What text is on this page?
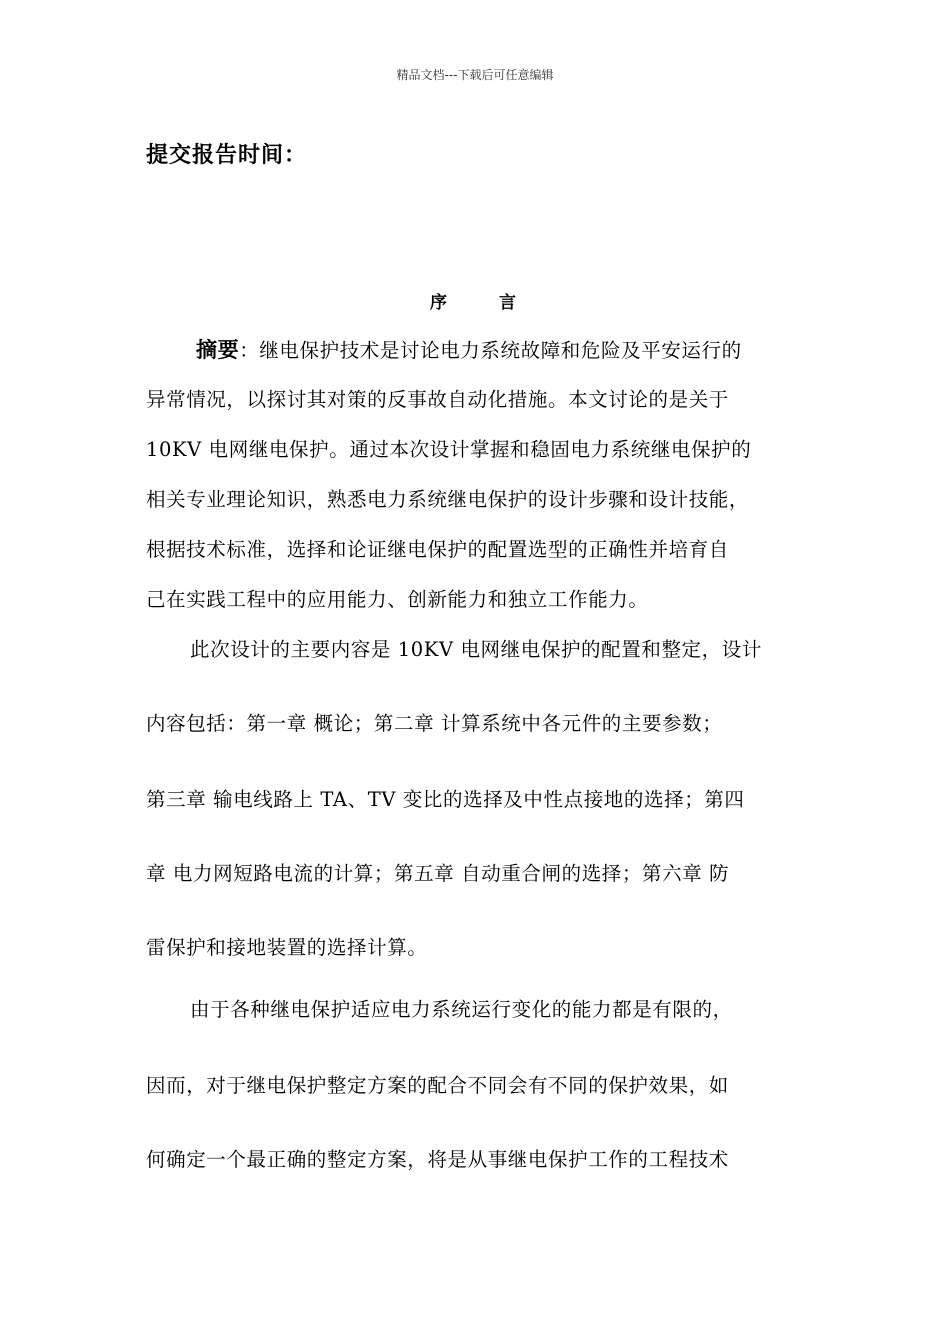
精品文档---下载后可任意编辑
提交报告时间：
序	言
摘要：继电保护技术是讨论电力系统故障和危险及平安运行的
异常情况，以探讨其对策的反事故自动化措施。本文讨论的是关于
10KV 电网继电保护。通过本次设计掌握和稳固电力系统继电保护的
相关专业理论知识，熟悉电力系统继电保护的设计步骤和设计技能，
根据技术标准，选择和论证继电保护的配置选型的正确性并培育自
己在实践工程中的应用能力、创新能力和独立工作能力。
此次设计的主要内容是 10KV 电网继电保护的配置和整定，设计
内容包括：第一章 概论；第二章 计算系统中各元件的主要参数；
第三章 输电线路上 TA、TV 变比的选择及中性点接地的选择；第四
章 电力网短路电流的计算；第五章 自动重合闸的选择；第六章 防
雷保护和接地装置的选择计算。
由于各种继电保护适应电力系统运行变化的能力都是有限的，
因而，对于继电保护整定方案的配合不同会有不同的保护效果，如
何确定一个最正确的整定方案，将是从事继电保护工作的工程技术
